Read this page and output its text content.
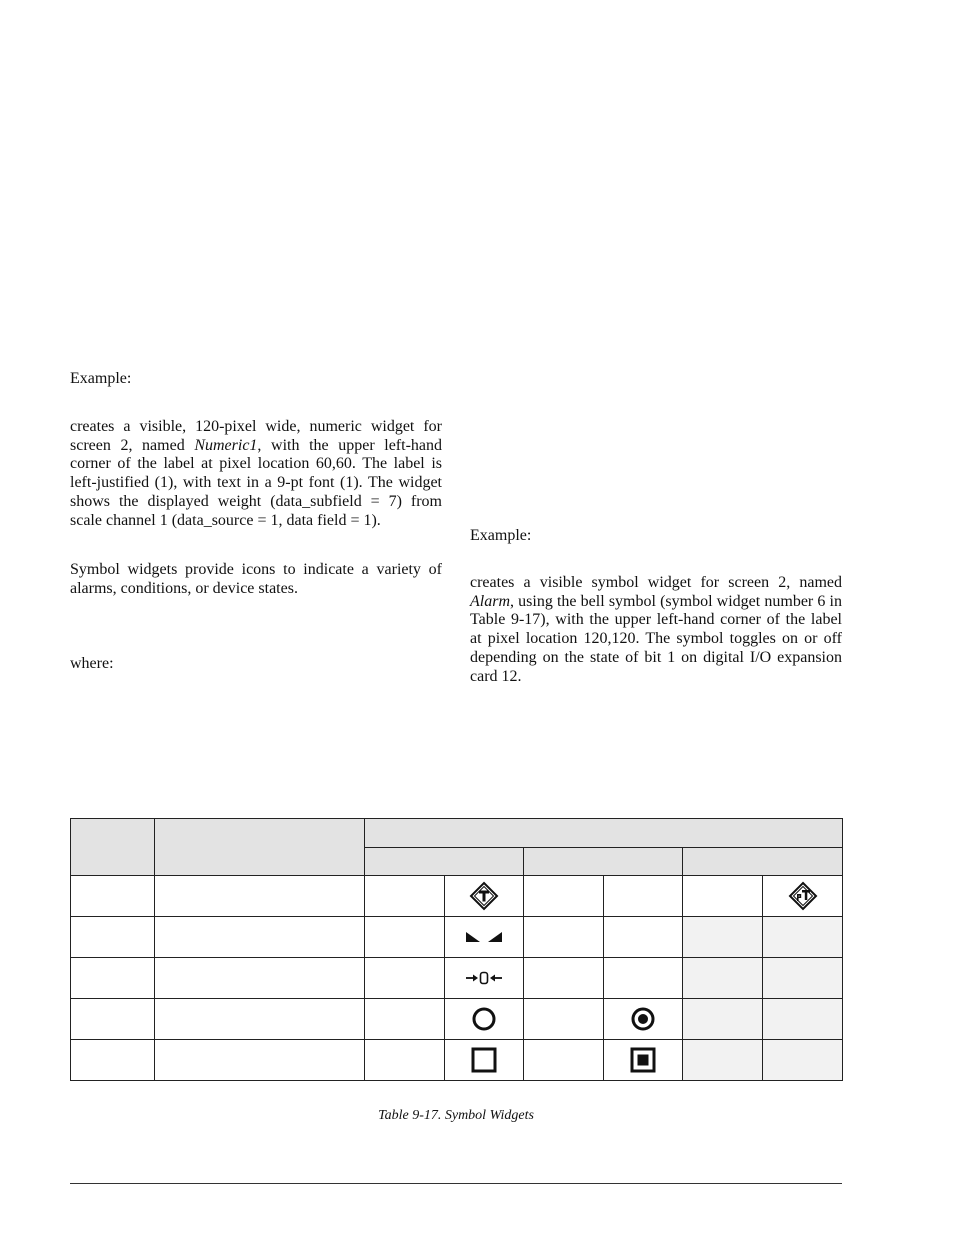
Example:

creates a visible, 120-pixel wide, numeric widget for screen 2, named Numeric1, with the upper left-hand corner of the label at pixel location 60,60. The label is left-justified (1), with text in a 9-pt font (1). The widget shows the displayed weight (data_subfield = 7) from scale channel 1 (data_source = 1, data field = 1).

Symbol widgets provide icons to indicate a variety of alarms, conditions, or device states.

where:

Example:

creates a visible symbol widget for screen 2, named Alarm, using the bell symbol (symbol widget number 6 in Table 9-17), with the upper left-hand corner of the label at pixel location 120,120. The symbol toggles on or off depending on the state of bit 1 on digital I/O expansion card 12.

Table 9-17. Symbol Widgets
